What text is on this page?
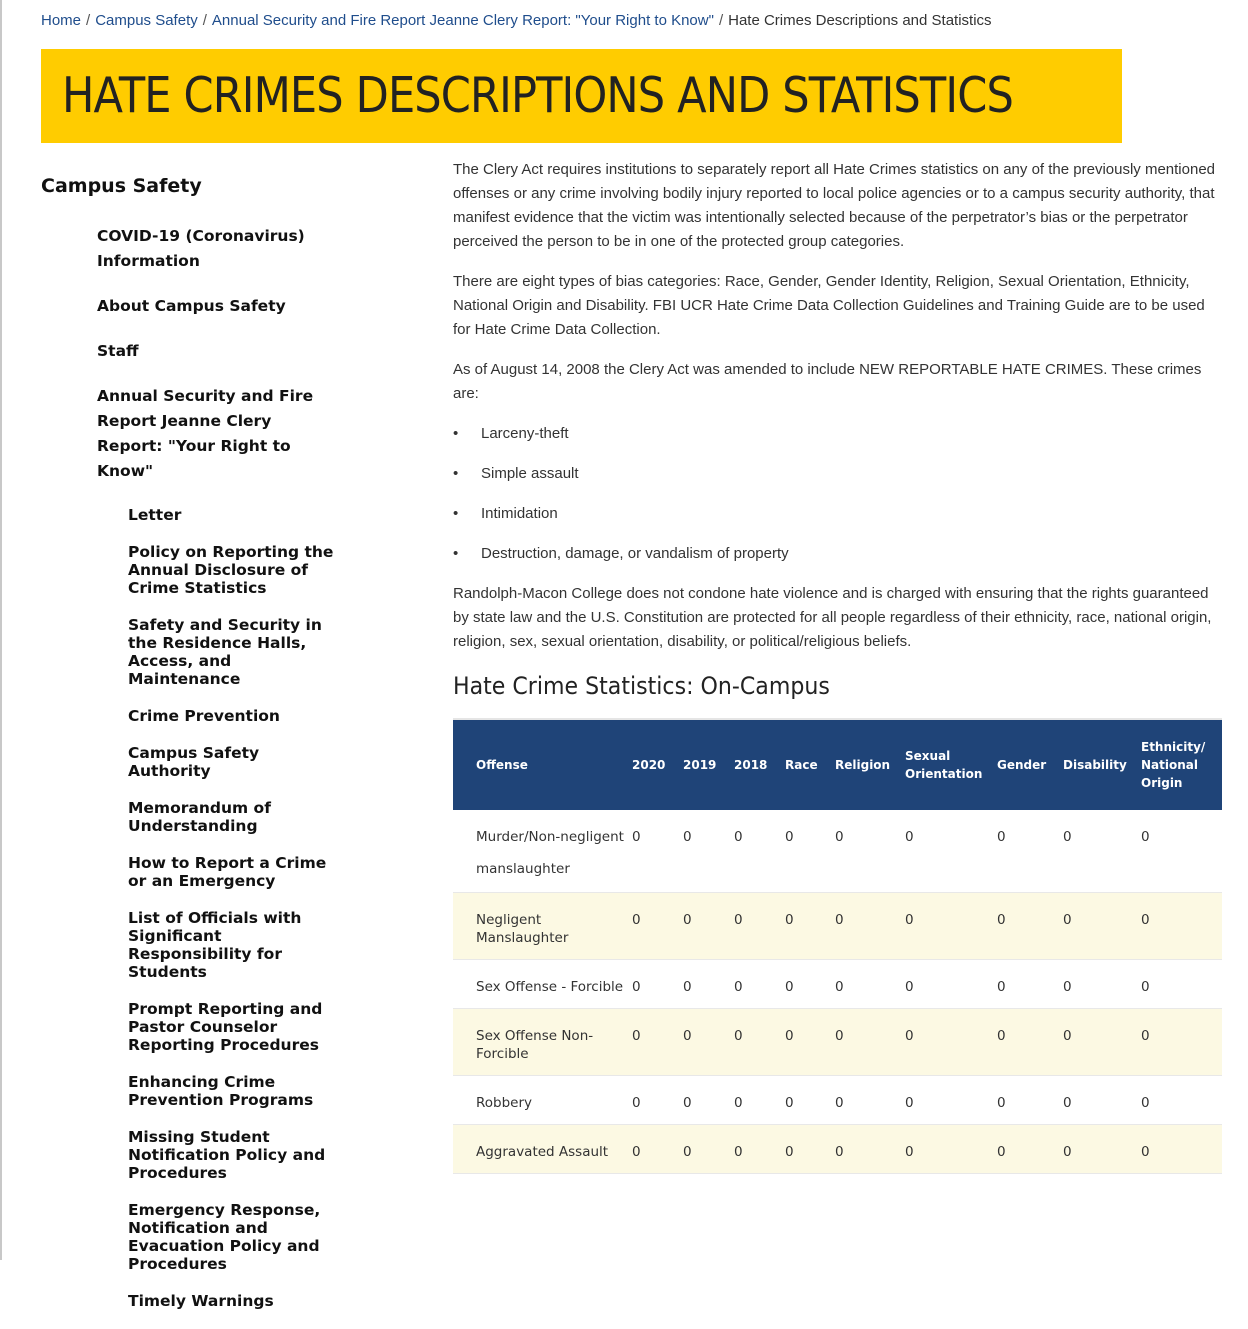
Home / Campus Safety / Annual Security and Fire Report Jeanne Clery Report: "Your Right to Know" / Hate Crimes Descriptions and Statistics
HATE CRIMES DESCRIPTIONS AND STATISTICS
Campus Safety
COVID-19 (Coronavirus) Information
About Campus Safety
Staff
Annual Security and Fire Report Jeanne Clery Report: "Your Right to Know"
Letter
Policy on Reporting the Annual Disclosure of Crime Statistics
Safety and Security in the Residence Halls, Access, and Maintenance
Crime Prevention
Campus Safety Authority
Memorandum of Understanding
How to Report a Crime or an Emergency
List of Officials with Significant Responsibility for Students
Prompt Reporting and Pastor Counselor Reporting Procedures
Enhancing Crime Prevention Programs
Missing Student Notification Policy and Procedures
Emergency Response, Notification and Evacuation Policy and Procedures
Timely Warnings

The Clery Act requires institutions to separately report all Hate Crimes statistics on any of the previously mentioned offenses or any crime involving bodily injury reported to local police agencies or to a campus security authority, that manifest evidence that the victim was intentionally selected because of the perpetrator’s bias or the perpetrator perceived the person to be in one of the protected group categories.

There are eight types of bias categories: Race, Gender, Gender Identity, Religion, Sexual Orientation, Ethnicity, National Origin and Disability. FBI UCR Hate Crime Data Collection Guidelines and Training Guide are to be used for Hate Crime Data Collection.

As of August 14, 2008 the Clery Act was amended to include NEW REPORTABLE HATE CRIMES. These crimes are:

• Larceny-theft
• Simple assault
• Intimidation
• Destruction, damage, or vandalism of property

Randolph-Macon College does not condone hate violence and is charged with ensuring that the rights guaranteed by state law and the U.S. Constitution are protected for all people regardless of their ethnicity, race, national origin, religion, sex, sexual orientation, disability, or political/religious beliefs.

Hate Crime Statistics: On-Campus
Offense	2020	2019	2018	Race	Religion	Sexual Orientation	Gender	Disability	Ethnicity/ National Origin
Murder/Non-negligent
manslaughter	0	0	0	0	0	0	0	0	0
Negligent Manslaughter	0	0	0	0	0	0	0	0	0
Sex Offense - Forcible	0	0	0	0	0	0	0	0	0
Sex Offense Non-Forcible	0	0	0	0	0	0	0	0	0
Robbery	0	0	0	0	0	0	0	0	0
Aggravated Assault	0	0	0	0	0	0	0	0	0
